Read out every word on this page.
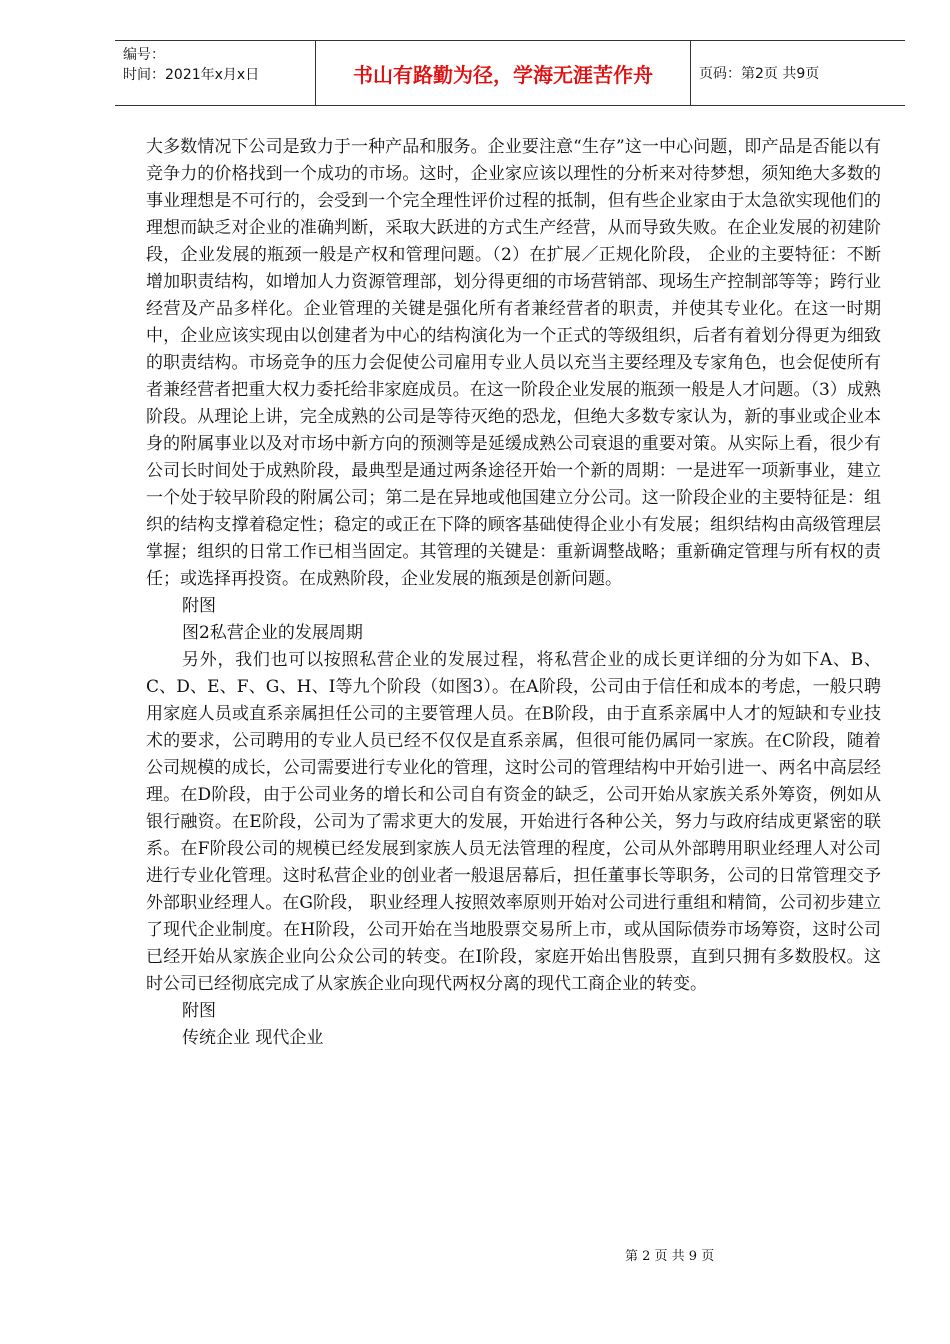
编号：
时间：2021年x月x日	书山有路勤为径，学海无涯苦作舟	页码：第2页 共9页

大多数情况下公司是致力于一种产品和服务。企业要注意“生存”这一中心问题，即产品是否能以有竞争力的价格找到一个成功的市场。这时，企业家应该以理性的分析来对待梦想，须知绝大多数的事业理想是不可行的，会受到一个完全理性评价过程的抵制，但有些企业家由于太急欲实现他们的理想而缺乏对企业的准确判断，采取大跃进的方式生产经营，从而导致失败。在企业发展的初建阶段，企业发展的瓶颈一般是产权和管理问题。（2）在扩展／正规化阶段， 企业的主要特征：不断增加职责结构，如增加人力资源管理部，划分得更细的市场营销部、现场生产控制部等等；跨行业经营及产品多样化。企业管理的关键是强化所有者兼经营者的职责，并使其专业化。在这一时期中，企业应该实现由以创建者为中心的结构演化为一个正式的等级组织，后者有着划分得更为细致的职责结构。市场竞争的压力会促使公司雇用专业人员以充当主要经理及专家角色，也会促使所有者兼经营者把重大权力委托给非家庭成员。在这一阶段企业发展的瓶颈一般是人才问题。（3）成熟阶段。从理论上讲，完全成熟的公司是等待灭绝的恐龙，但绝大多数专家认为，新的事业或企业本身的附属事业以及对市场中新方向的预测等是延缓成熟公司衰退的重要对策。从实际上看，很少有公司长时间处于成熟阶段，最典型是通过两条途径开始一个新的周期：一是进军一项新事业，建立一个处于较早阶段的附属公司；第二是在异地或他国建立分公司。这一阶段企业的主要特征是：组织的结构支撑着稳定性；稳定的或正在下降的顾客基础使得企业小有发展；组织结构由高级管理层掌握；组织的日常工作已相当固定。其管理的关键是：重新调整战略；重新确定管理与所有权的责任；或选择再投资。在成熟阶段，企业发展的瓶颈是创新问题。

附图

图2私营企业的发展周期

另外，我们也可以按照私营企业的发展过程，将私营企业的成长更详细的分为如下A、B、C、D、E、F、G、H、I等九个阶段（如图3）。在A阶段，公司由于信任和成本的考虑，一般只聘用家庭人员或直系亲属担任公司的主要管理人员。在B阶段，由于直系亲属中人才的短缺和专业技术的要求，公司聘用的专业人员已经不仅仅是直系亲属，但很可能仍属同一家族。在C阶段，随着公司规模的成长，公司需要进行专业化的管理，这时公司的管理结构中开始引进一、两名中高层经理。在D阶段，由于公司业务的增长和公司自有资金的缺乏，公司开始从家族关系外筹资，例如从银行融资。在E阶段，公司为了需求更大的发展，开始进行各种公关，努力与政府结成更紧密的联系。在F阶段公司的规模已经发展到家族人员无法管理的程度，公司从外部聘用职业经理人对公司进行专业化管理。这时私营企业的创业者一般退居幕后，担任董事长等职务，公司的日常管理交予外部职业经理人。在G阶段， 职业经理人按照效率原则开始对公司进行重组和精简，公司初步建立了现代企业制度。在H阶段，公司开始在当地股票交易所上市，或从国际债券市场筹资，这时公司已经开始从家族企业向公众公司的转变。在I阶段，家庭开始出售股票，直到只拥有多数股权。这时公司已经彻底完成了从家族企业向现代两权分离的现代工商企业的转变。

附图

传统企业 现代企业

第 2 页 共 9 页
